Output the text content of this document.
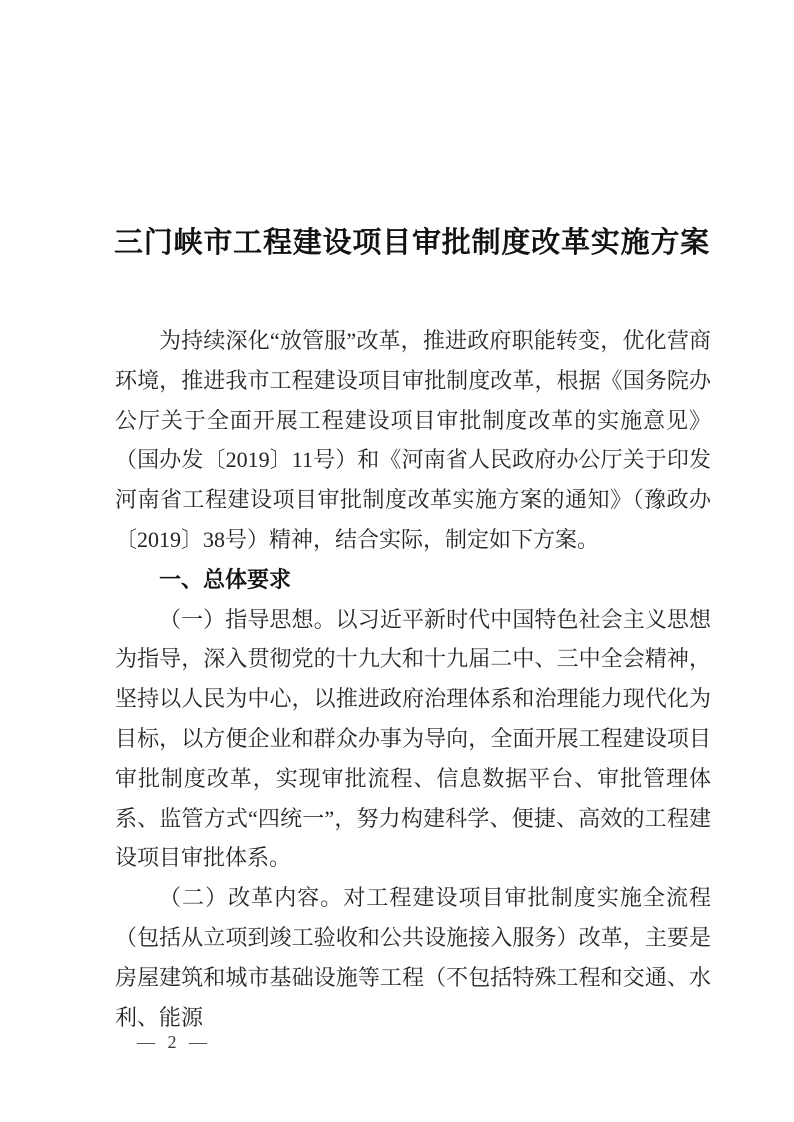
三门峡市工程建设项目审批制度改革实施方案

为持续深化“放管服”改革，推进政府职能转变，优化营商环境，推进我市工程建设项目审批制度改革，根据《国务院办公厅关于全面开展工程建设项目审批制度改革的实施意见》（国办发〔2019〕11号）和《河南省人民政府办公厅关于印发河南省工程建设项目审批制度改革实施方案的通知》（豫政办〔2019〕38号）精神，结合实际，制定如下方案。

一、总体要求

（一）指导思想。以习近平新时代中国特色社会主义思想为指导，深入贯彻党的十九大和十九届二中、三中全会精神，坚持以人民为中心，以推进政府治理体系和治理能力现代化为目标，以方便企业和群众办事为导向，全面开展工程建设项目审批制度改革，实现审批流程、信息数据平台、审批管理体系、监管方式“四统一”，努力构建科学、便捷、高效的工程建设项目审批体系。

（二）改革内容。对工程建设项目审批制度实施全流程（包括从立项到竣工验收和公共设施接入服务）改革，主要是房屋建筑和城市基础设施等工程（不包括特殊工程和交通、水利、能源

— 2 —
